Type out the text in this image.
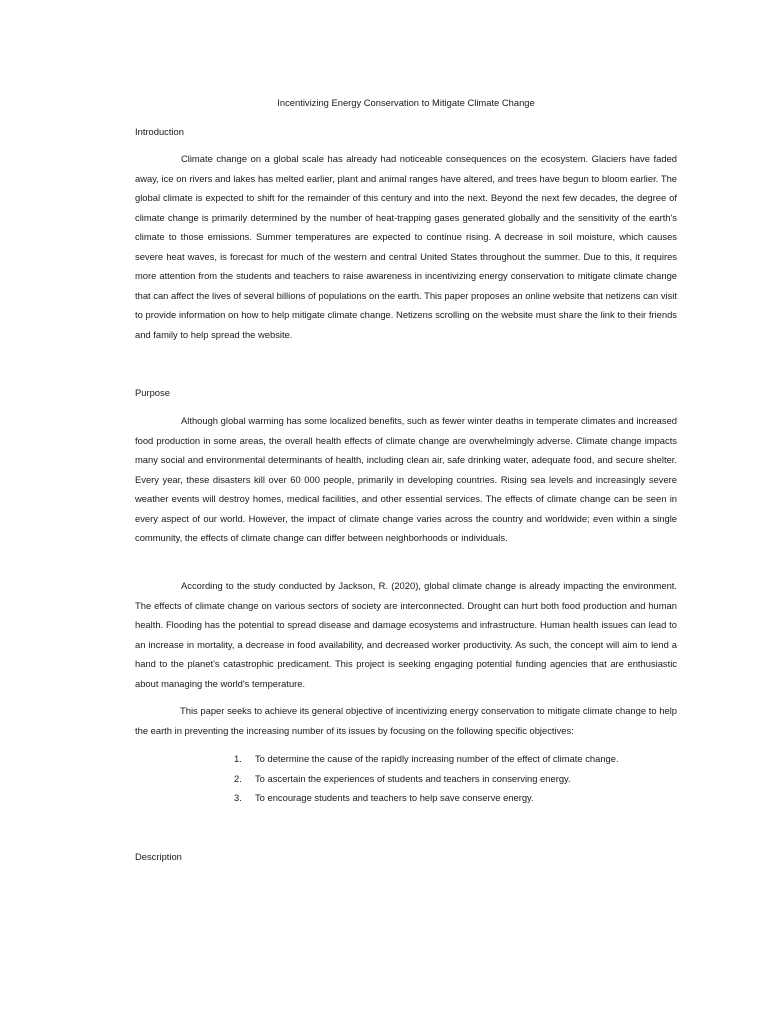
Incentivizing Energy Conservation to Mitigate Climate Change
Introduction

Climate change on a global scale has already had noticeable consequences on the ecosystem. Glaciers have faded away, ice on rivers and lakes has melted earlier, plant and animal ranges have altered, and trees have begun to bloom earlier. The global climate is expected to shift for the remainder of this century and into the next. Beyond the next few decades, the degree of climate change is primarily determined by the number of heat-trapping gases generated globally and the sensitivity of the earth's climate to those emissions. Summer temperatures are expected to continue rising. A decrease in soil moisture, which causes severe heat waves, is forecast for much of the western and central United States throughout the summer. Due to this, it requires more attention from the students and teachers to raise awareness in incentivizing energy conservation to mitigate climate change that can affect the lives of several billions of populations on the earth. This paper proposes an online website that netizens can visit to provide information on how to help mitigate climate change. Netizens scrolling on the website must share the link to their friends and family to help spread the website.

Purpose

Although global warming has some localized benefits, such as fewer winter deaths in temperate climates and increased food production in some areas, the overall health effects of climate change are overwhelmingly adverse. Climate change impacts many social and environmental determinants of health, including clean air, safe drinking water, adequate food, and secure shelter. Every year, these disasters kill over 60 000 people, primarily in developing countries. Rising sea levels and increasingly severe weather events will destroy homes, medical facilities, and other essential services. The effects of climate change can be seen in every aspect of our world. However, the impact of climate change varies across the country and worldwide; even within a single community, the effects of climate change can differ between neighborhoods or individuals.

According to the study conducted by Jackson, R. (2020), global climate change is already impacting the environment. The effects of climate change on various sectors of society are interconnected. Drought can hurt both food production and human health. Flooding has the potential to spread disease and damage ecosystems and infrastructure. Human health issues can lead to an increase in mortality, a decrease in food availability, and decreased worker productivity. As such, the concept will aim to lend a hand to the planet's catastrophic predicament. This project is seeking engaging potential funding agencies that are enthusiastic about managing the world's temperature.

This paper seeks to achieve its general objective of incentivizing energy conservation to mitigate climate change to help the earth in preventing the increasing number of its issues by focusing on the following specific objectives:

1. To determine the cause of the rapidly increasing number of the effect of climate change.
2. To ascertain the experiences of students and teachers in conserving energy.
3. To encourage students and teachers to help save conserve energy.
Description
